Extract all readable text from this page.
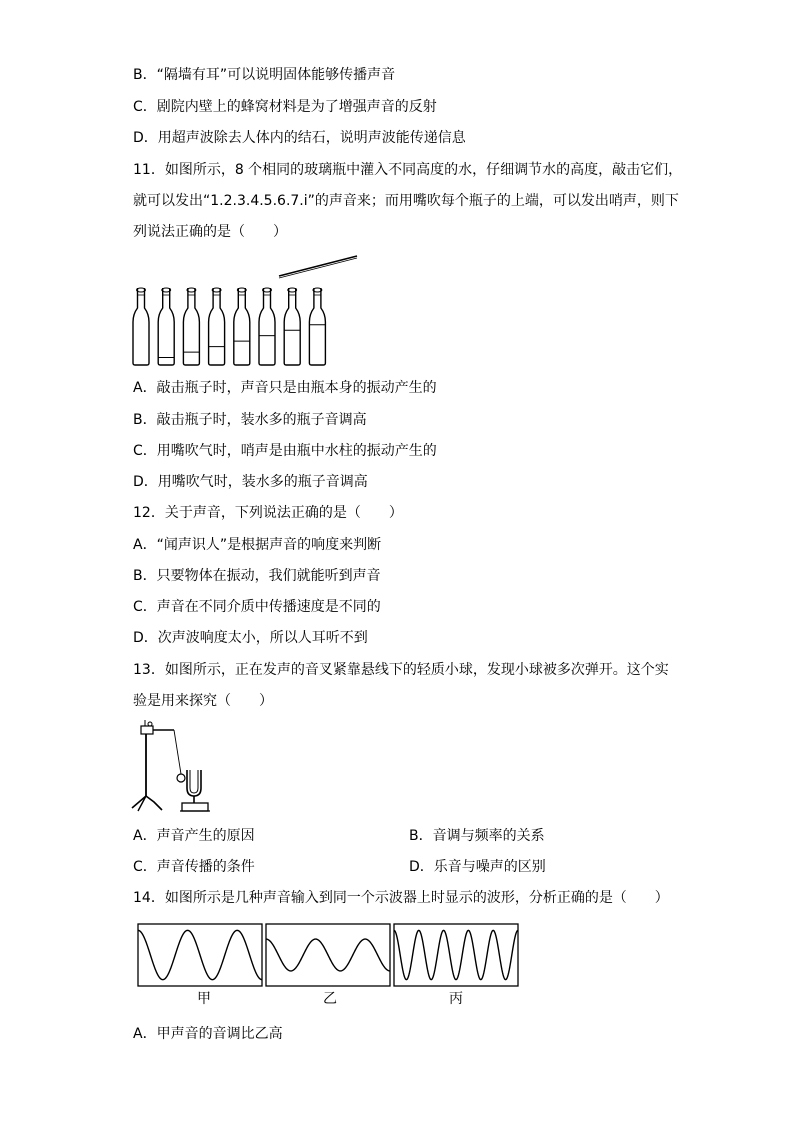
B．“隔墙有耳”可以说明固体能够传播声音
C．剧院内壁上的蜂窝材料是为了增强声音的反射
D．用超声波除去人体内的结石，说明声波能传递信息
11．如图所示，8 个相同的玻璃瓶中灌入不同高度的水，仔细调节水的高度，敲击它们，
就可以发出“1.2.3.4.5.6.7.i”的声音来；而用嘴吹每个瓶子的上端，可以发出哨声，则下
列说法正确的是（　　）
A．敲击瓶子时，声音只是由瓶本身的振动产生的
B．敲击瓶子时，装水多的瓶子音调高
C．用嘴吹气时，哨声是由瓶中水柱的振动产生的
D．用嘴吹气时，装水多的瓶子音调高
12．关于声音，下列说法正确的是（　　）
A．“闻声识人”是根据声音的响度来判断
B．只要物体在振动，我们就能听到声音
C．声音在不同介质中传播速度是不同的
D．次声波响度太小，所以人耳听不到
13．如图所示，正在发声的音叉紧靠悬线下的轻质小球，发现小球被多次弹开。这个实
验是用来探究（　　）
A．声音产生的原因	B．音调与频率的关系
C．声音传播的条件	D．乐音与噪声的区别
14．如图所示是几种声音输入到同一个示波器上时显示的波形，分析正确的是（　　）
甲	乙	丙
A．甲声音的音调比乙高
